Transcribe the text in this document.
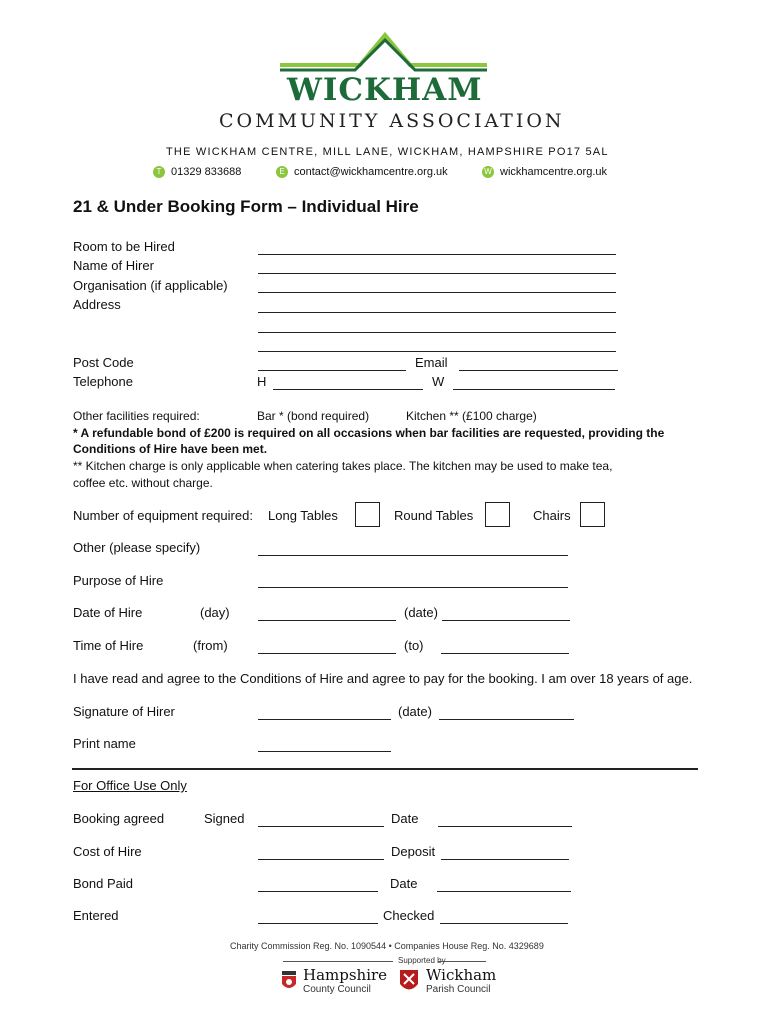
WICKHAM
COMMUNITY ASSOCIATION
THE WICKHAM CENTRE, MILL LANE, WICKHAM, HAMPSHIRE PO17 5AL
T 01329 833688	E contact@wickhamcentre.org.uk	W wickhamcentre.org.uk
21 & Under Booking Form – Individual Hire
Room to be Hired
Name of Hirer
Organisation (if applicable)
Address
Post Code	Email
Telephone	H	W
Other facilities required:	Bar * (bond required)	Kitchen ** (£100 charge)
* A refundable bond of £200 is required on all occasions when bar facilities are requested, providing the
Conditions of Hire have been met.
** Kitchen charge is only applicable when catering takes place. The kitchen may be used to make tea,
coffee etc. without charge.
Number of equipment required: Long Tables	Round Tables	Chairs
Other (please specify)
Purpose of Hire
Date of Hire	(day)	(date)
Time of Hire	(from)	(to)
I have read and agree to the Conditions of Hire and agree to pay for the booking. I am over 18 years of age.
Signature of Hirer	(date)
Print name
For Office Use Only
Booking agreed	Signed	Date
Cost of Hire	Deposit
Bond Paid	Date
Entered	Checked
Charity Commission Reg. No. 1090544 • Companies House Reg. No. 4329689
Supported by
Hampshire
County Council
Wickham
Parish Council
